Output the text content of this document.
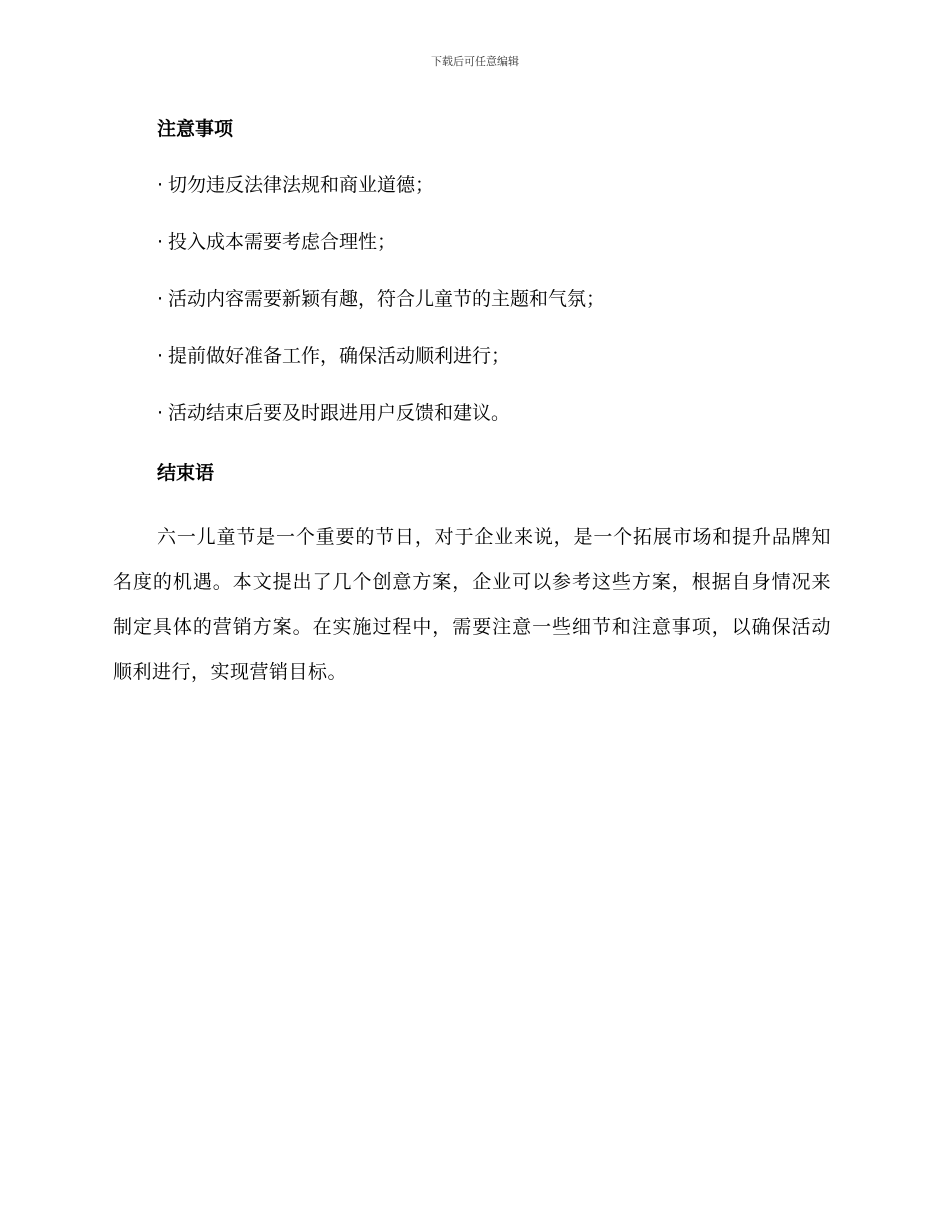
下载后可任意编辑
注意事项
· 切勿违反法律法规和商业道德；
· 投入成本需要考虑合理性；
· 活动内容需要新颖有趣，符合儿童节的主题和气氛；
· 提前做好准备工作，确保活动顺利进行；
· 活动结束后要及时跟进用户反馈和建议。
结束语

六一儿童节是一个重要的节日，对于企业来说，是一个拓展市场和提升品牌知名度的机遇。本文提出了几个创意方案，企业可以参考这些方案，根据自身情况来制定具体的营销方案。在实施过程中，需要注意一些细节和注意事项，以确保活动顺利进行，实现营销目标。
